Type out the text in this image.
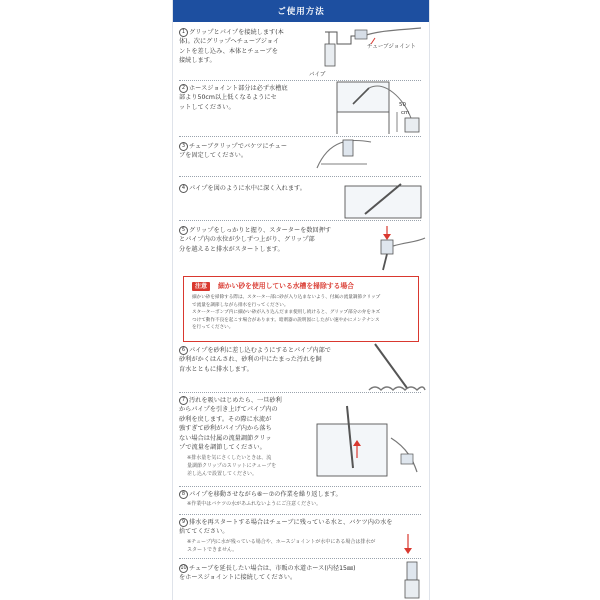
ご使用方法
1 グリップとパイプを接続します(本
体)。次にグリップへチューブジョイ
ントを差し込み、本体とチューブを
接続します。
チューブジョイント
パイプ
2 ホースジョイント部分は必ず水槽底
部より50cm以上低くなるようにセ
ットしてください。	50
cm
3 チューブクリップでバケツにチュー
ブを固定してください。
4 パイプを図のように水中に深く入れます。
5 グリップをしっかりと握り、スターターを数回押す
とパイプ内の水位が少しずつ上がり、グリップ部
分を越えると排水がスタートします。
注意	細かい砂を使用している水槽を掃除する場合
細かい砂を掃除する際は、スターター部に砂が入り込まないよう、付属の流量調節クリップ
で流量を調節しながら排水を行ってください。
スターターポンプ内に細かい砂が入り込んだまま使用し続けると、グリップ部分の弁をキズ
つけて動作不良を起こす場合があります。暗剤器の説明図にしたがい速やかにメンテナンス
を行ってください。
6 パイプを砂利に差し込むようにするとパイプ内部で
砂利がかくはんされ、砂利の中にたまった汚れを飼
育水とともに排水します。
7 汚れを吸いはじめたら、一旦砂利
からパイプを引き上げてパイプ内の
砂利を戻します。その際に水流が
強すぎて砂利がパイプ内から落ち
ない場合は付属の流量調節クリッ
プで流量を調節してください。
※排水量を気にさくしたいときは、流
量調節クリップのスリットにチューブを
差し込んで設置してください。
8 パイプを移動させながら⑥〜⑦の作業を繰り返します。
※作業中はバケツの水があふれないようにご注意ください。
9 排水を再スタートする場合はチューブに残っている水と、バケツ内の水を
捨ててください。
※チューブ内に水が残っている場合や、ホースジョイントが水中にある場合は排水が
スタートできません。
10 チューブを延長したい場合は、市販の水道ホース(内径15㎜)
をホースジョイントに接続してください。
